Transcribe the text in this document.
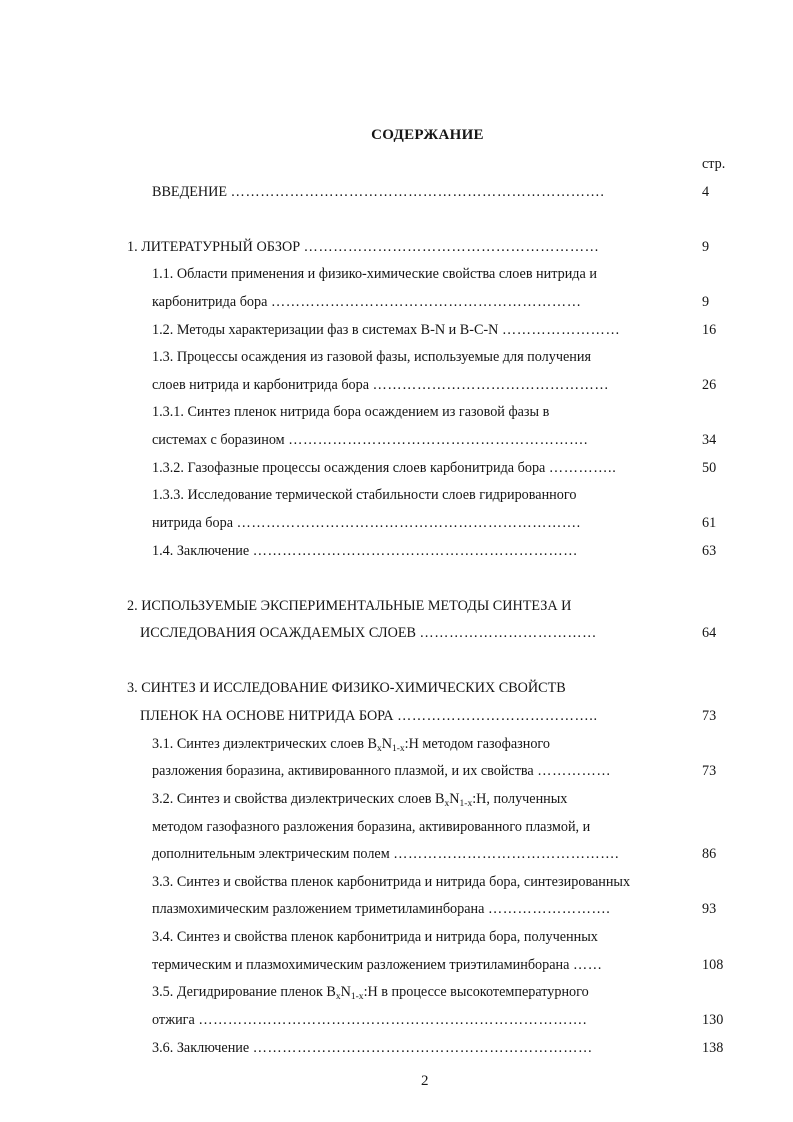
СОДЕРЖАНИЕ
стр.
ВВЕДЕНИЕ ………………………………………………………………….	4
1. ЛИТЕРАТУРНЫЙ ОБЗОР ……………………………………………………	9
1.1. Области применения и физико-химические свойства слоев нитрида и
карбонитрида бора ………………………………………………………	9
1.2. Методы характеризации фаз в системах B-N и B-C-N ……………………	16
1.3. Процессы осаждения из газовой фазы, используемые для получения
слоев нитрида и карбонитрида бора …………………………………………	26
1.3.1. Синтез пленок нитрида бора осаждением из газовой фазы в
системах с боразином …………………………………………………….	34
1.3.2. Газофазные процессы осаждения слоев карбонитрида бора …………..	50
1.3.3. Исследование термической стабильности слоев гидрированного
нитрида бора …………………………………………………………….	61
1.4. Заключение …………………………………………………………	63
2. ИСПОЛЬЗУЕМЫЕ ЭКСПЕРИМЕНТАЛЬНЫЕ МЕТОДЫ СИНТЕЗА И
ИССЛЕДОВАНИЯ ОСАЖДАЕМЫХ СЛОЕВ ………………………………	64
3. СИНТЕЗ И ИССЛЕДОВАНИЕ ФИЗИКО-ХИМИЧЕСКИХ СВОЙСТВ
ПЛЕНОК НА ОСНОВЕ НИТРИДА БОРА …………………………………..	73
3.1. Синтез диэлектрических слоев $B_xN_{1-x}:H$ методом газофазного
разложения боразина, активированного плазмой, и их свойства ……………	73
3.2. Синтез и свойства диэлектрических слоев $B_xN_{1-x}:H$, полученных
методом газофазного разложения боразина, активированного плазмой, и
дополнительным электрическим полем ……………………………………….	86
3.3. Синтез и свойства пленок карбонитрида и нитрида бора, синтезированных
плазмохимическим разложением триметиламинборана …………………….	93
3.4. Синтез и свойства пленок карбонитрида и нитрида бора, полученных
термическим и плазмохимическим разложением триэтиламинборана ……	108
3.5. Дегидрирование пленок $B_xN_{1-x}:H$ в процессе высокотемпературного
отжига …………………………………………………………………….	130
3.6. Заключение ……………………………………………………………	138
2
